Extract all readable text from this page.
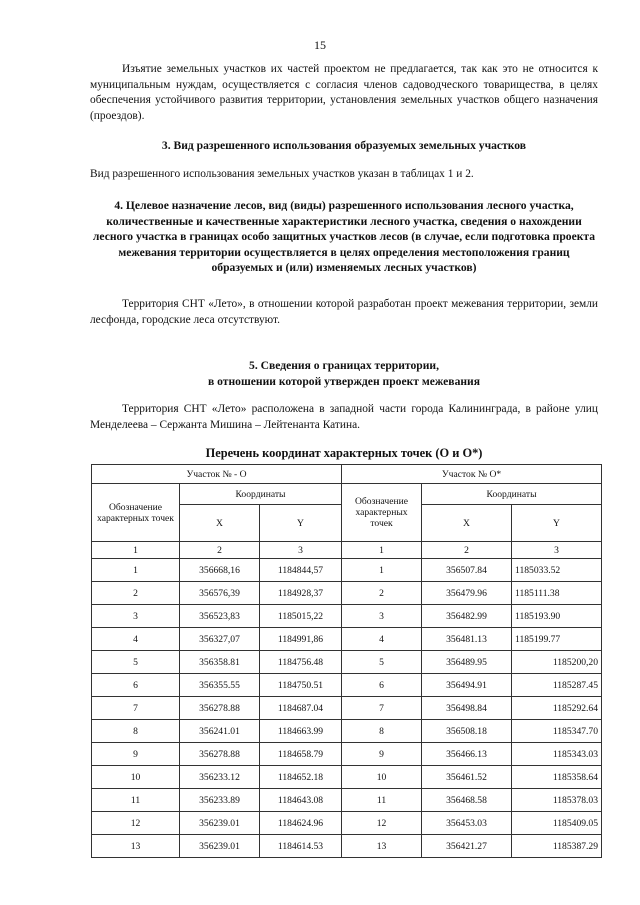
15

Изъятие земельных участков их частей проектом не предлагается, так как это не относится к муниципальным нуждам, осуществляется с согласия членов садоводческого товарищества, в целях обеспечения устойчивого развития территории, установления земельных участков общего назначения (проездов).

3. Вид разрешенного использования образуемых земельных участков

Вид разрешенного использования земельных участков указан в таблицах 1 и 2.

4. Целевое назначение лесов, вид (виды) разрешенного использования лесного участка, количественные и качественные характеристики лесного участка, сведения о нахождении лесного участка в границах особо защитных участков лесов (в случае, если подготовка проекта межевания территории осуществляется в целях определения местоположения границ образуемых и (или) изменяемых лесных участков)

Территория СНТ «Лето», в отношении которой разработан проект межевания территории, земли лесфонда, городские леса отсутствуют.

5. Сведения о границах территории,
в отношении которой утвержден проект межевания

Территория СНТ «Лето» расположена в западной части города Калининграда, в районе улиц Менделеева – Сержанта Мишина – Лейтенанта Катина.

Перечень координат характерных точек (О и О*)
Участок № - О			Участок № О*		
Обозначение характерных точек	Координаты		Обозначение характерных точек	Координаты	
	X	Y		X	Y
1	2	3	1	2	3
1	356668,16	1184844,57	1	356507.84	1185033.52
2	356576,39	1184928,37	2	356479.96	1185111.38
3	356523,83	1185015,22	3	356482.99	1185193.90
4	356327,07	1184991,86	4	356481.13	1185199.77
5	356358.81	1184756.48	5	356489.95	1185200,20
6	356355.55	1184750.51	6	356494.91	1185287.45
7	356278.88	1184687.04	7	356498.84	1185292.64
8	356241.01	1184663.99	8	356508.18	1185347.70
9	356278.88	1184658.79	9	356466.13	1185343.03
10	356233.12	1184652.18	10	356461.52	1185358.64
11	356233.89	1184643.08	11	356468.58	1185378.03
12	356239.01	1184624.96	12	356453.03	1185409.05
13	356239.01	1184614.53	13	356421.27	1185387.29
